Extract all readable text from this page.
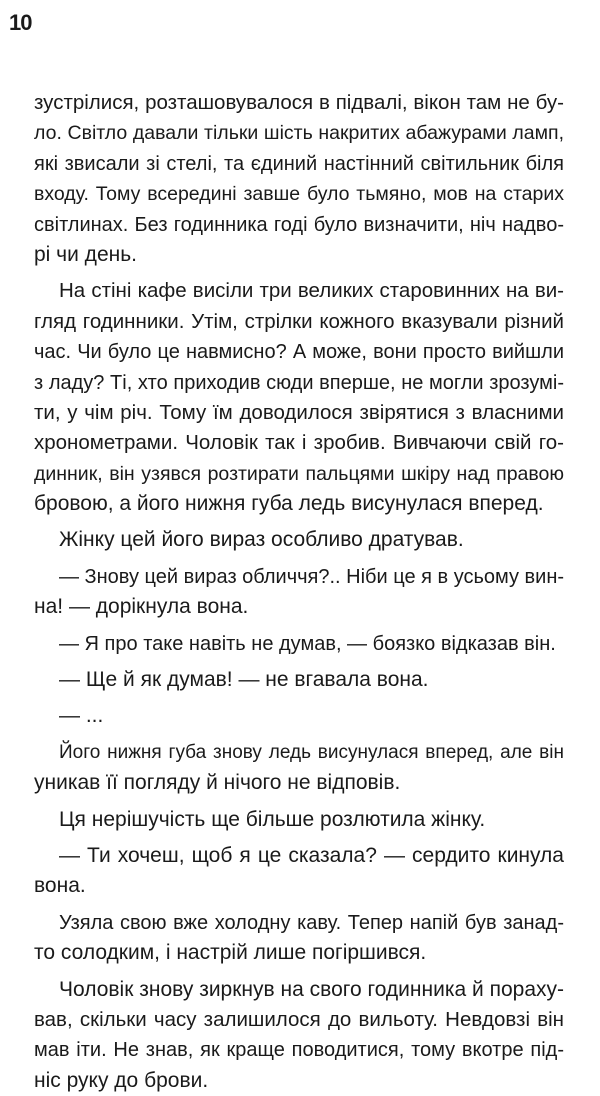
10
зустрілися, розташовувалося в підвалі, вікон там не бу-
ло. Світло давали тільки шість накритих абажурами ламп,
які звисали зі стелі, та єдиний настінний світильник біля
входу. Тому всередині завше було тьмяно, мов на старих
світлинах. Без годинника годі було визначити, ніч надво-
рі чи день.
На стіні кафе висіли три великих старовинних на ви-
гляд годинники. Утім, стрілки кожного вказували різний
час. Чи було це навмисно? А може, вони просто вийшли
з ладу? Ті, хто приходив сюди вперше, не могли зрозумі-
ти, у чім річ. Тому їм доводилося звірятися з власними
хронометрами. Чоловік так і зробив. Вивчаючи свій го-
динник, він узявся розтирати пальцями шкіру над правою
бровою, а його нижня губа ледь висунулася вперед.
Жінку цей його вираз особливо дратував.
— Знову цей вираз обличчя?.. Ніби це я в усьому вин-
на! — дорікнула вона.
— Я про таке навіть не думав, — боязко відказав він.
— Ще й як думав! — не вгавала вона.
— ...
Його нижня губа знову ледь висунулася вперед, але він
уникав її погляду й нічого не відповів.
Ця нерішучість ще більше розлютила жінку.
— Ти хочеш, щоб я це сказала? — сердито кинула
вона.
Узяла свою вже холодну каву. Тепер напій був занад-
то солодким, і настрій лише погіршився.
Чоловік знову зиркнув на свого годинника й пораху-
вав, скільки часу залишилося до вильоту. Невдовзі він
мав іти. Не знав, як краще поводитися, тому вкотре під-
ніс руку до брови.
